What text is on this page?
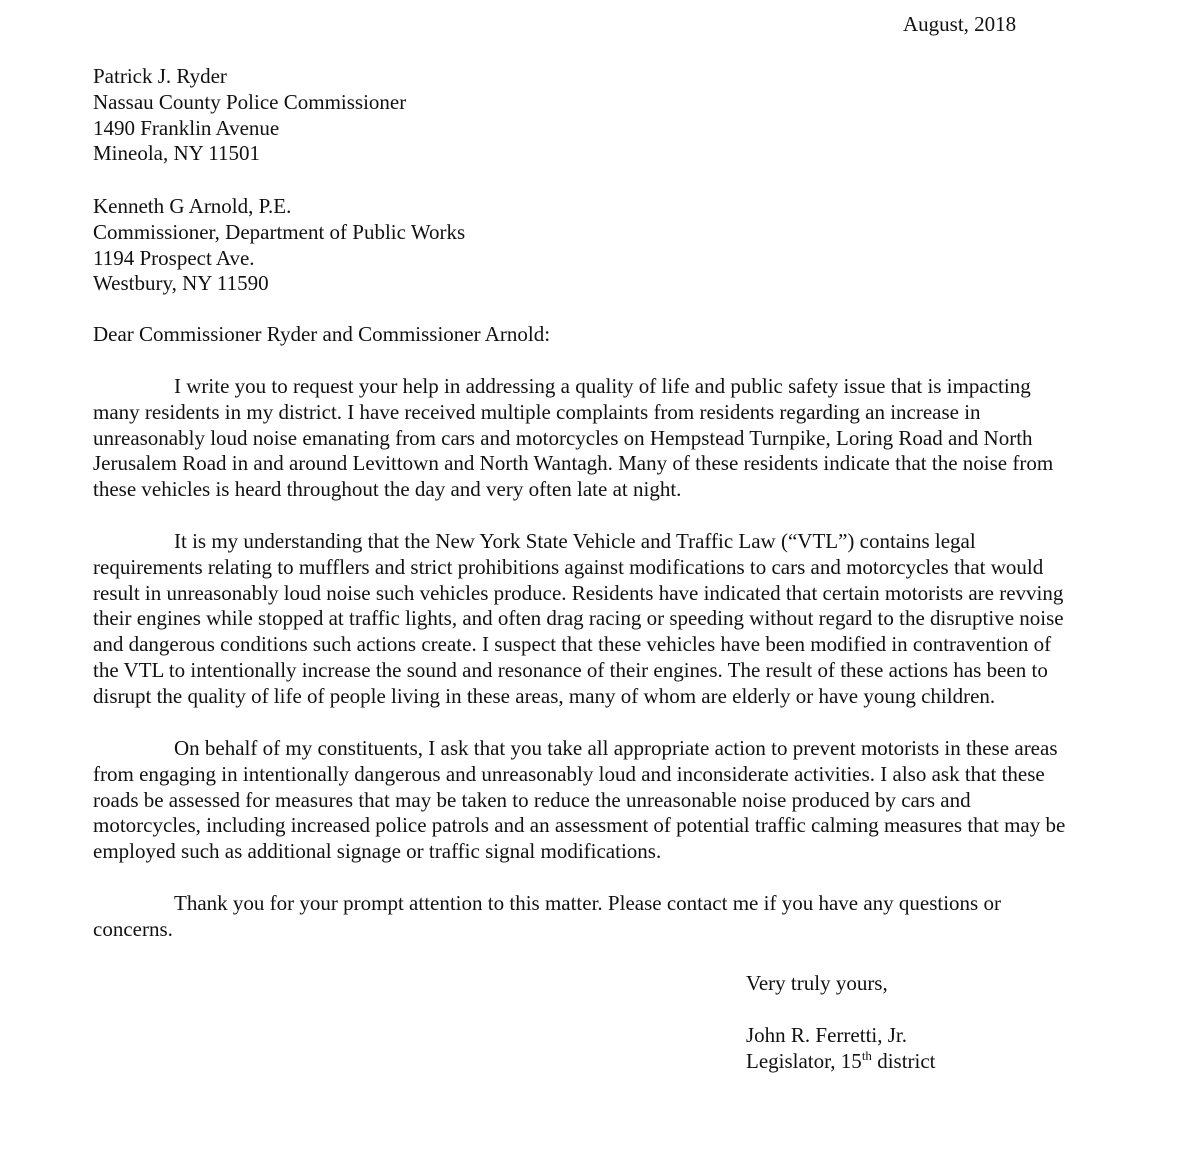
August, 2018
Patrick J. Ryder
Nassau County Police Commissioner
1490 Franklin Avenue
Mineola, NY 11501
Kenneth G Arnold, P.E.
Commissioner, Department of Public Works
1194 Prospect Ave.
Westbury, NY 11590
Dear Commissioner Ryder and Commissioner Arnold:
I write you to request your help in addressing a quality of life and public safety issue that is impacting
many residents in my district. I have received multiple complaints from residents regarding an increase in
unreasonably loud noise emanating from cars and motorcycles on Hempstead Turnpike, Loring Road and North
Jerusalem Road in and around Levittown and North Wantagh. Many of these residents indicate that the noise from
these vehicles is heard throughout the day and very often late at night.
It is my understanding that the New York State Vehicle and Traffic Law (“VTL”) contains legal
requirements relating to mufflers and strict prohibitions against modifications to cars and motorcycles that would
result in unreasonably loud noise such vehicles produce. Residents have indicated that certain motorists are revving
their engines while stopped at traffic lights, and often drag racing or speeding without regard to the disruptive noise
and dangerous conditions such actions create. I suspect that these vehicles have been modified in contravention of
the VTL to intentionally increase the sound and resonance of their engines. The result of these actions has been to
disrupt the quality of life of people living in these areas, many of whom are elderly or have young children.
On behalf of my constituents, I ask that you take all appropriate action to prevent motorists in these areas
from engaging in intentionally dangerous and unreasonably loud and inconsiderate activities. I also ask that these
roads be assessed for measures that may be taken to reduce the unreasonable noise produced by cars and
motorcycles, including increased police patrols and an assessment of potential traffic calming measures that may be
employed such as additional signage or traffic signal modifications.
Thank you for your prompt attention to this matter. Please contact me if you have any questions or
concerns.
Very truly yours,
John R. Ferretti, Jr.
Legislator, 15th district
